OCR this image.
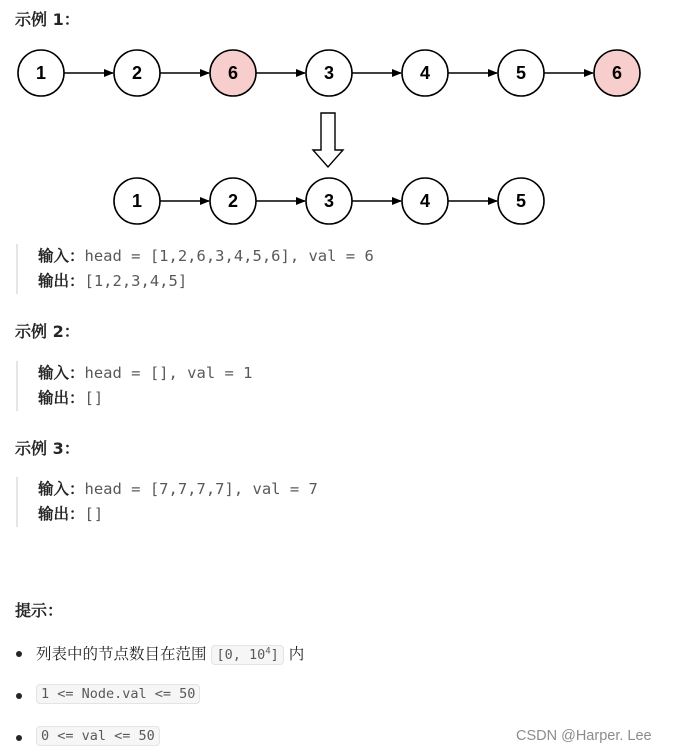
示例 1：
1	2	6	3	4	5	6
1	2	3	4	5
输入：head = [1,2,6,3,4,5,6], val = 6
输出：[1,2,3,4,5]
示例 2：
输入：head = [], val = 1
输出：[]
示例 3：
输入：head = [7,7,7,7], val = 7
输出：[]
提示：
列表中的节点数目在范围 [0, $10^4$] 内
1 <= Node.val <= 50
0 <= val <= 50	CSDN @Harper. Lee
